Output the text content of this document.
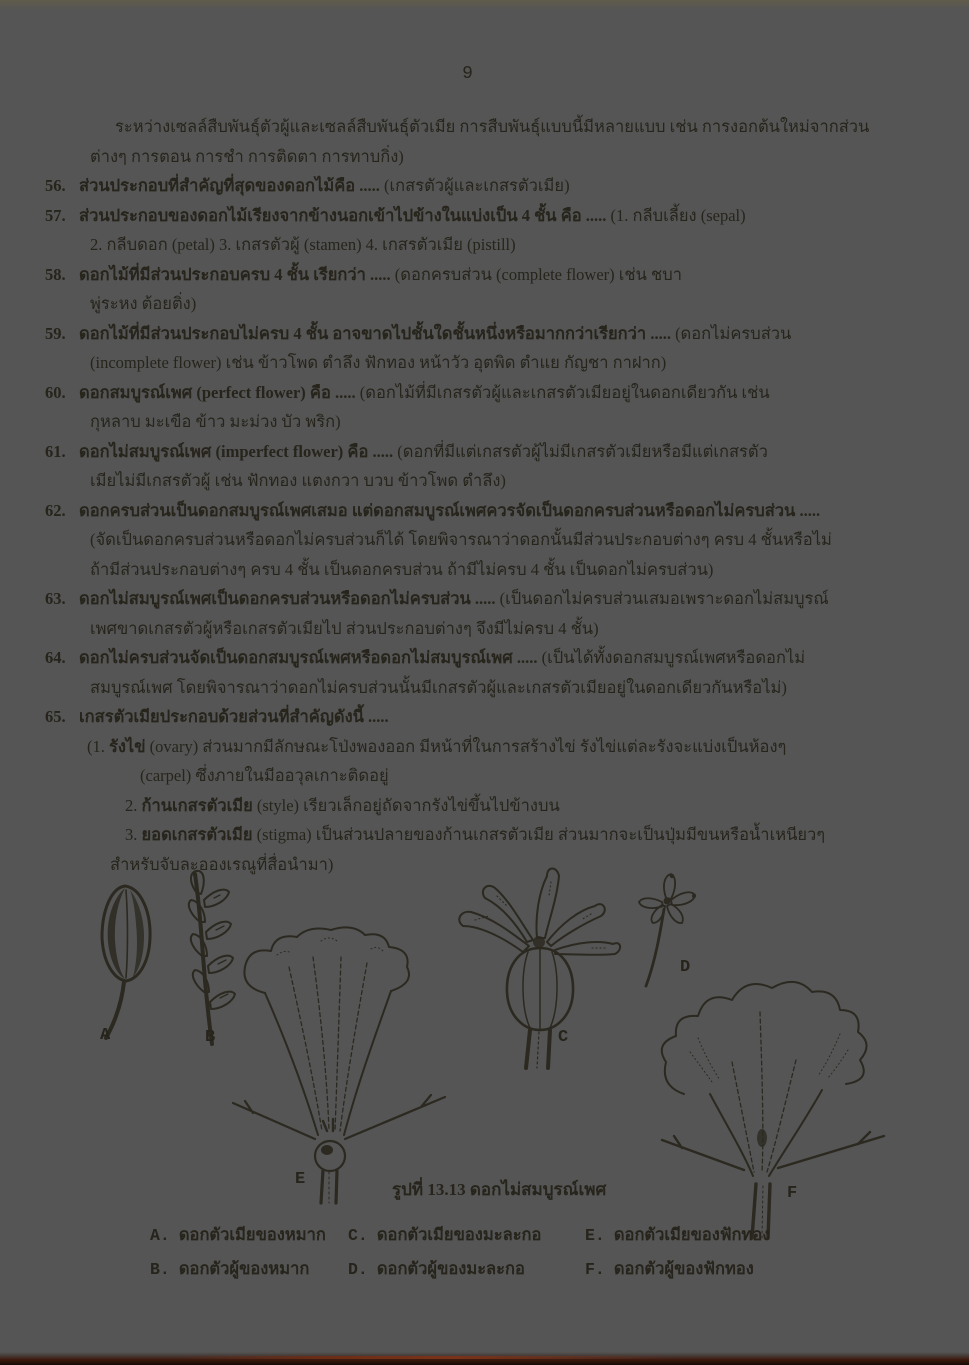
9
ระหว่างเซลล์สืบพันธุ์ตัวผู้และเซลล์สืบพันธุ์ตัวเมีย การสืบพันธุ์แบบนี้มีหลายแบบ เช่น การงอกต้นใหม่จากส่วน
ต่างๆ การตอน การชำ การติดตา การทาบกิ่ง)
56. ส่วนประกอบที่สำคัญที่สุดของดอกไม้คือ ..... (เกสรตัวผู้และเกสรตัวเมีย)
57. ส่วนประกอบของดอกไม้เรียงจากข้างนอกเข้าไปข้างในแบ่งเป็น 4 ชั้น คือ ..... (1. กลีบเลี้ยง (sepal)
2. กลีบดอก (petal) 3. เกสรตัวผู้ (stamen) 4. เกสรตัวเมีย (pistill)
58. ดอกไม้ที่มีส่วนประกอบครบ 4 ชั้น เรียกว่า ..... (ดอกครบส่วน (complete flower) เช่น ชบา
พู่ระหง ต้อยติ่ง)
59. ดอกไม้ที่มีส่วนประกอบไม่ครบ 4 ชั้น อาจขาดไปชั้นใดชั้นหนึ่งหรือมากกว่าเรียกว่า ..... (ดอกไม่ครบส่วน
(incomplete flower) เช่น ข้าวโพด ตำลึง ฟักทอง หน้าวัว อุตพิด ตำแย กัญชา กาฝาก)
60. ดอกสมบูรณ์เพศ (perfect flower) คือ ..... (ดอกไม้ที่มีเกสรตัวผู้และเกสรตัวเมียอยู่ในดอกเดียวกัน เช่น
กุหลาบ มะเขือ ข้าว มะม่วง บัว พริก)
61. ดอกไม่สมบูรณ์เพศ (imperfect flower) คือ ..... (ดอกที่มีแต่เกสรตัวผู้ไม่มีเกสรตัวเมียหรือมีแต่เกสรตัว
เมียไม่มีเกสรตัวผู้ เช่น ฟักทอง แตงกวา บวบ ข้าวโพด ตำลึง)
62. ดอกครบส่วนเป็นดอกสมบูรณ์เพศเสมอ แต่ดอกสมบูรณ์เพศควรจัดเป็นดอกครบส่วนหรือดอกไม่ครบส่วน .....
(จัดเป็นดอกครบส่วนหรือดอกไม่ครบส่วนก็ได้ โดยพิจารณาว่าดอกนั้นมีส่วนประกอบต่างๆ ครบ 4 ชั้นหรือไม่
ถ้ามีส่วนประกอบต่างๆ ครบ 4 ชั้น เป็นดอกครบส่วน ถ้ามีไม่ครบ 4 ชั้น เป็นดอกไม่ครบส่วน)
63. ดอกไม่สมบูรณ์เพศเป็นดอกครบส่วนหรือดอกไม่ครบส่วน ..... (เป็นดอกไม่ครบส่วนเสมอเพราะดอกไม่สมบูรณ์
เพศขาดเกสรตัวผู้หรือเกสรตัวเมียไป ส่วนประกอบต่างๆ จึงมีไม่ครบ 4 ชั้น)
64. ดอกไม่ครบส่วนจัดเป็นดอกสมบูรณ์เพศหรือดอกไม่สมบูรณ์เพศ ..... (เป็นได้ทั้งดอกสมบูรณ์เพศหรือดอกไม่
สมบูรณ์เพศ โดยพิจารณาว่าดอกไม่ครบส่วนนั้นมีเกสรตัวผู้และเกสรตัวเมียอยู่ในดอกเดียวกันหรือไม่)
65. เกสรตัวเมียประกอบด้วยส่วนที่สำคัญดังนี้ .....
(1. รังไข่ (ovary) ส่วนมากมีลักษณะโป่งพองออก มีหน้าที่ในการสร้างไข่ รังไข่แต่ละรังจะแบ่งเป็นห้องๆ
(carpel) ซึ่งภายในมีออวุลเกาะติดอยู่
2. ก้านเกสรตัวเมีย (style) เรียวเล็กอยู่ถัดจากรังไข่ขึ้นไปข้างบน
3. ยอดเกสรตัวเมีย (stigma) เป็นส่วนปลายของก้านเกสรตัวเมีย ส่วนมากจะเป็นปุ่มมีขนหรือน้ำเหนียวๆ
สำหรับจับละอองเรณูที่สื่อนำมา)
A	B	C
D
E
F
รูปที่ 13.13 ดอกไม่สมบูรณ์เพศ
A. ดอกตัวเมียของหมาก
B. ดอกตัวผู้ของหมาก
C. ดอกตัวเมียของมะละกอ
D. ดอกตัวผู้ของมะละกอ
E. ดอกตัวเมียของฟักทอง
F. ดอกตัวผู้ของฟักทอง
